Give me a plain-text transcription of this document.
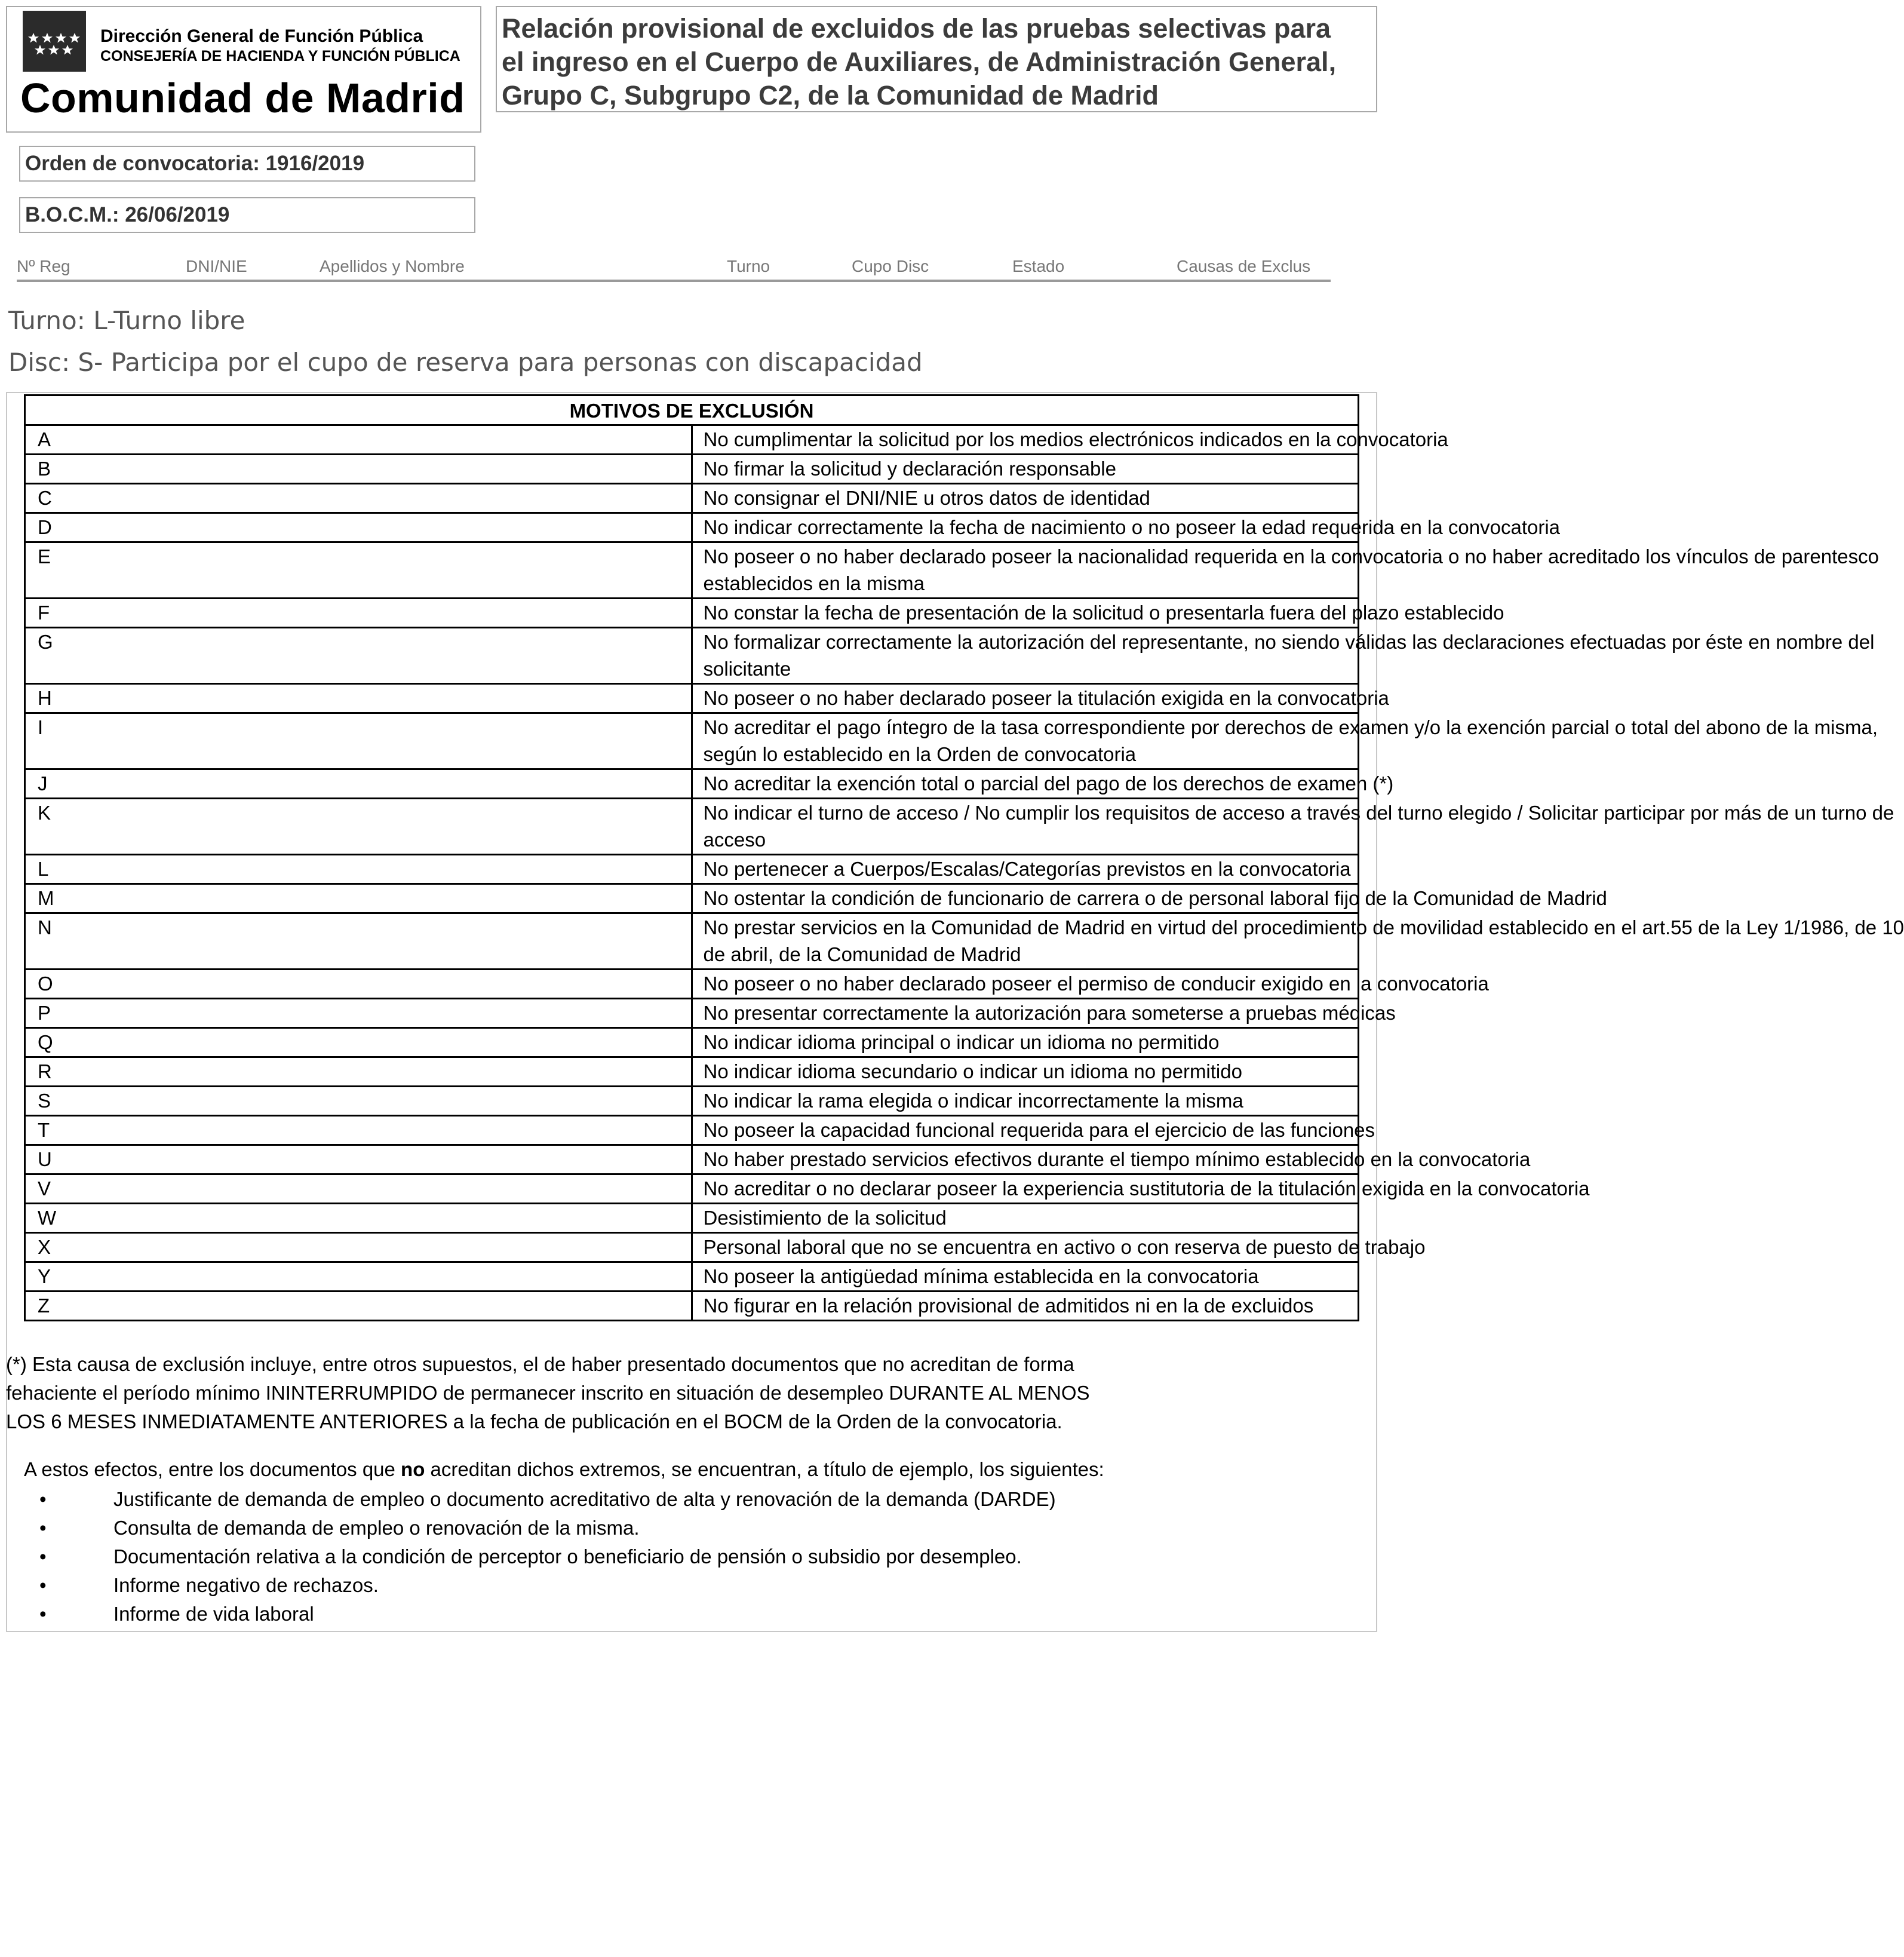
Dirección General de Función Pública
CONSEJERÍA DE HACIENDA Y FUNCIÓN PÚBLICA
Comunidad de Madrid
Relación provisional de excluidos de las pruebas selectivas para
el ingreso en el Cuerpo de Auxiliares, de Administración General,
Grupo C, Subgrupo C2, de la Comunidad de Madrid
Orden de convocatoria: 1916/2019
B.O.C.M.: 26/06/2019
Nº Reg	DNI/NIE	Apellidos y Nombre	Turno	Cupo Disc	Estado	Causas de Exclus
Turno: L-Turno libre
Disc: S- Participa por el cupo de reserva para personas con discapacidad
MOTIVOS DE EXCLUSIÓN	
A	No cumplimentar la solicitud por los medios electrónicos indicados en la convocatoria

B	No firmar la solicitud y declaración responsable

C	No consignar el DNI/NIE u otros datos de identidad

D	No indicar correctamente la fecha de nacimiento o no poseer la edad requerida en la convocatoria

E	No poseer o no haber declarado poseer la nacionalidad requerida en la convocatoria o no haber acreditado los vínculos de parentesco
establecidos en la misma

F	No constar la fecha de presentación de la solicitud o presentarla fuera del plazo establecido

G	No formalizar correctamente la autorización del representante, no siendo válidas las declaraciones efectuadas por éste en nombre del
solicitante

H	No poseer o no haber declarado poseer la titulación exigida en la convocatoria

I	No acreditar el pago íntegro de la tasa correspondiente por derechos de examen y/o la exención parcial o total del abono de la misma,
según lo establecido en la Orden de convocatoria

J	No acreditar la exención total o parcial del pago de los derechos de examen (*)

K	No indicar el turno de acceso / No cumplir los requisitos de acceso a través del turno elegido / Solicitar participar por más de un turno de
acceso

L	No pertenecer a Cuerpos/Escalas/Categorías previstos en la convocatoria

M	No ostentar la condición de funcionario de carrera o de personal laboral fijo de la Comunidad de Madrid

N	No prestar servicios en la Comunidad de Madrid en virtud del procedimiento de movilidad establecido en el art.55 de la Ley 1/1986, de 10
de abril, de la Comunidad de Madrid

O	No poseer o no haber declarado poseer el permiso de conducir exigido en la convocatoria

P	No presentar correctamente la autorización para someterse a pruebas médicas

Q	No indicar idioma principal o indicar un idioma no permitido

R	No indicar idioma secundario o indicar un idioma no permitido

S	No indicar la rama elegida o indicar incorrectamente la misma

T	No poseer la capacidad funcional requerida para el ejercicio de las funciones

U	No haber prestado servicios efectivos durante el tiempo mínimo establecido en la convocatoria

V	No acreditar o no declarar poseer la experiencia sustitutoria de la titulación exigida en la convocatoria

W	Desistimiento de la solicitud

X	Personal laboral que no se encuentra en activo o con reserva de puesto de trabajo

Y	No poseer la antigüedad mínima establecida en la convocatoria

Z	No figurar en la relación provisional de admitidos ni en la de excluidos
(*) Esta causa de exclusión incluye, entre otros supuestos, el de haber presentado documentos que no acreditan de forma
fehaciente el período mínimo ININTERRUMPIDO de permanecer inscrito en situación de desempleo DURANTE AL MENOS
LOS 6 MESES INMEDIATAMENTE ANTERIORES a la fecha de publicación en el BOCM de la Orden de la convocatoria.
A estos efectos, entre los documentos que no acreditan dichos extremos, se encuentran, a título de ejemplo, los siguientes:
•	Justificante de demanda de empleo o documento acreditativo de alta y renovación de la demanda (DARDE)
•	Consulta de demanda de empleo o renovación de la misma.
•	Documentación relativa a la condición de perceptor o beneficiario de pensión o subsidio por desempleo.
•	Informe negativo de rechazos.
•	Informe de vida laboral
